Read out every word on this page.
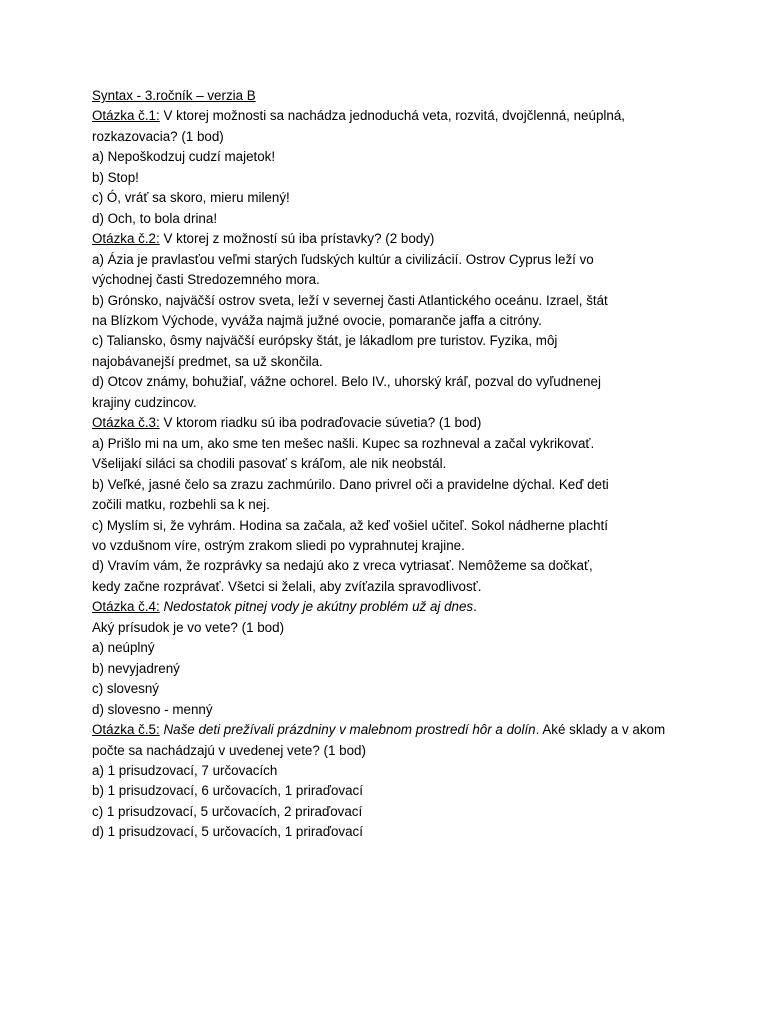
Syntax - 3.ročník – verzia B
Otázka č.1: V ktorej možnosti sa nachádza jednoduchá veta, rozvitá, dvojčlenná, neúplná,
rozkazovacia? (1 bod)
a) Nepoškodzuj cudzí majetok!
b) Stop!
c) Ó, vráť sa skoro, mieru milený!
d) Och, to bola drina!
Otázka č.2: V ktorej z možností sú iba prístavky? (2 body)
a) Ázia je pravlasťou veľmi starých ľudských kultúr a civilizácií. Ostrov Cyprus leží vo
východnej časti Stredozemného mora.
b) Grónsko, najväčší ostrov sveta, leží v severnej časti Atlantického oceánu. Izrael, štát
na Blízkom Východe, vyváža najmä južné ovocie, pomaranče jaffa a citróny.
c) Taliansko, ôsmy najväčší európsky štát, je lákadlom pre turistov. Fyzika, môj
najobávanejší predmet, sa už skončila.
d) Otcov známy, bohužiaľ, vážne ochorel. Belo IV., uhorský kráľ, pozval do vyľudnenej
krajiny cudzincov.
Otázka č.3: V ktorom riadku sú iba podraďovacie súvetia? (1 bod)
a) Prišlo mi na um, ako sme ten mešec našli. Kupec sa rozhneval a začal vykrikovať.
Všelijakí siláci sa chodili pasovať s kráľom, ale nik neobstál.
b) Veľké, jasné čelo sa zrazu zachmúrilo. Dano privrel oči a pravidelne dýchal. Keď deti
zočili matku, rozbehli sa k nej.
c) Myslím si, že vyhrám. Hodina sa začala, až keď vošiel učiteľ. Sokol nádherne plachtí
vo vzdušnom víre, ostrým zrakom sliedi po vyprahnutej krajine.
d) Vravím vám, že rozprávky sa nedajú ako z vreca vytriasať. Nemôžeme sa dočkať,
kedy začne rozprávať. Všetci si želali, aby zvíťazila spravodlivosť.
Otázka č.4: Nedostatok pitnej vody je akútny problém už aj dnes.
Aký prísudok je vo vete? (1 bod)
a) neúplný
b) nevyjadrený
c) slovesný
d) slovesno - menný
Otázka č.5: Naše deti prežívali prázdniny v malebnom prostredí hôr a dolín. Aké sklady a v akom
počte sa nachádzajú v uvedenej vete? (1 bod)
a) 1 prisudzovací, 7 určovacích
b) 1 prisudzovací, 6 určovacích, 1 priraďovací
c) 1 prisudzovací, 5 určovacích, 2 priraďovací
d) 1 prisudzovací, 5 určovacích, 1 priraďovací
